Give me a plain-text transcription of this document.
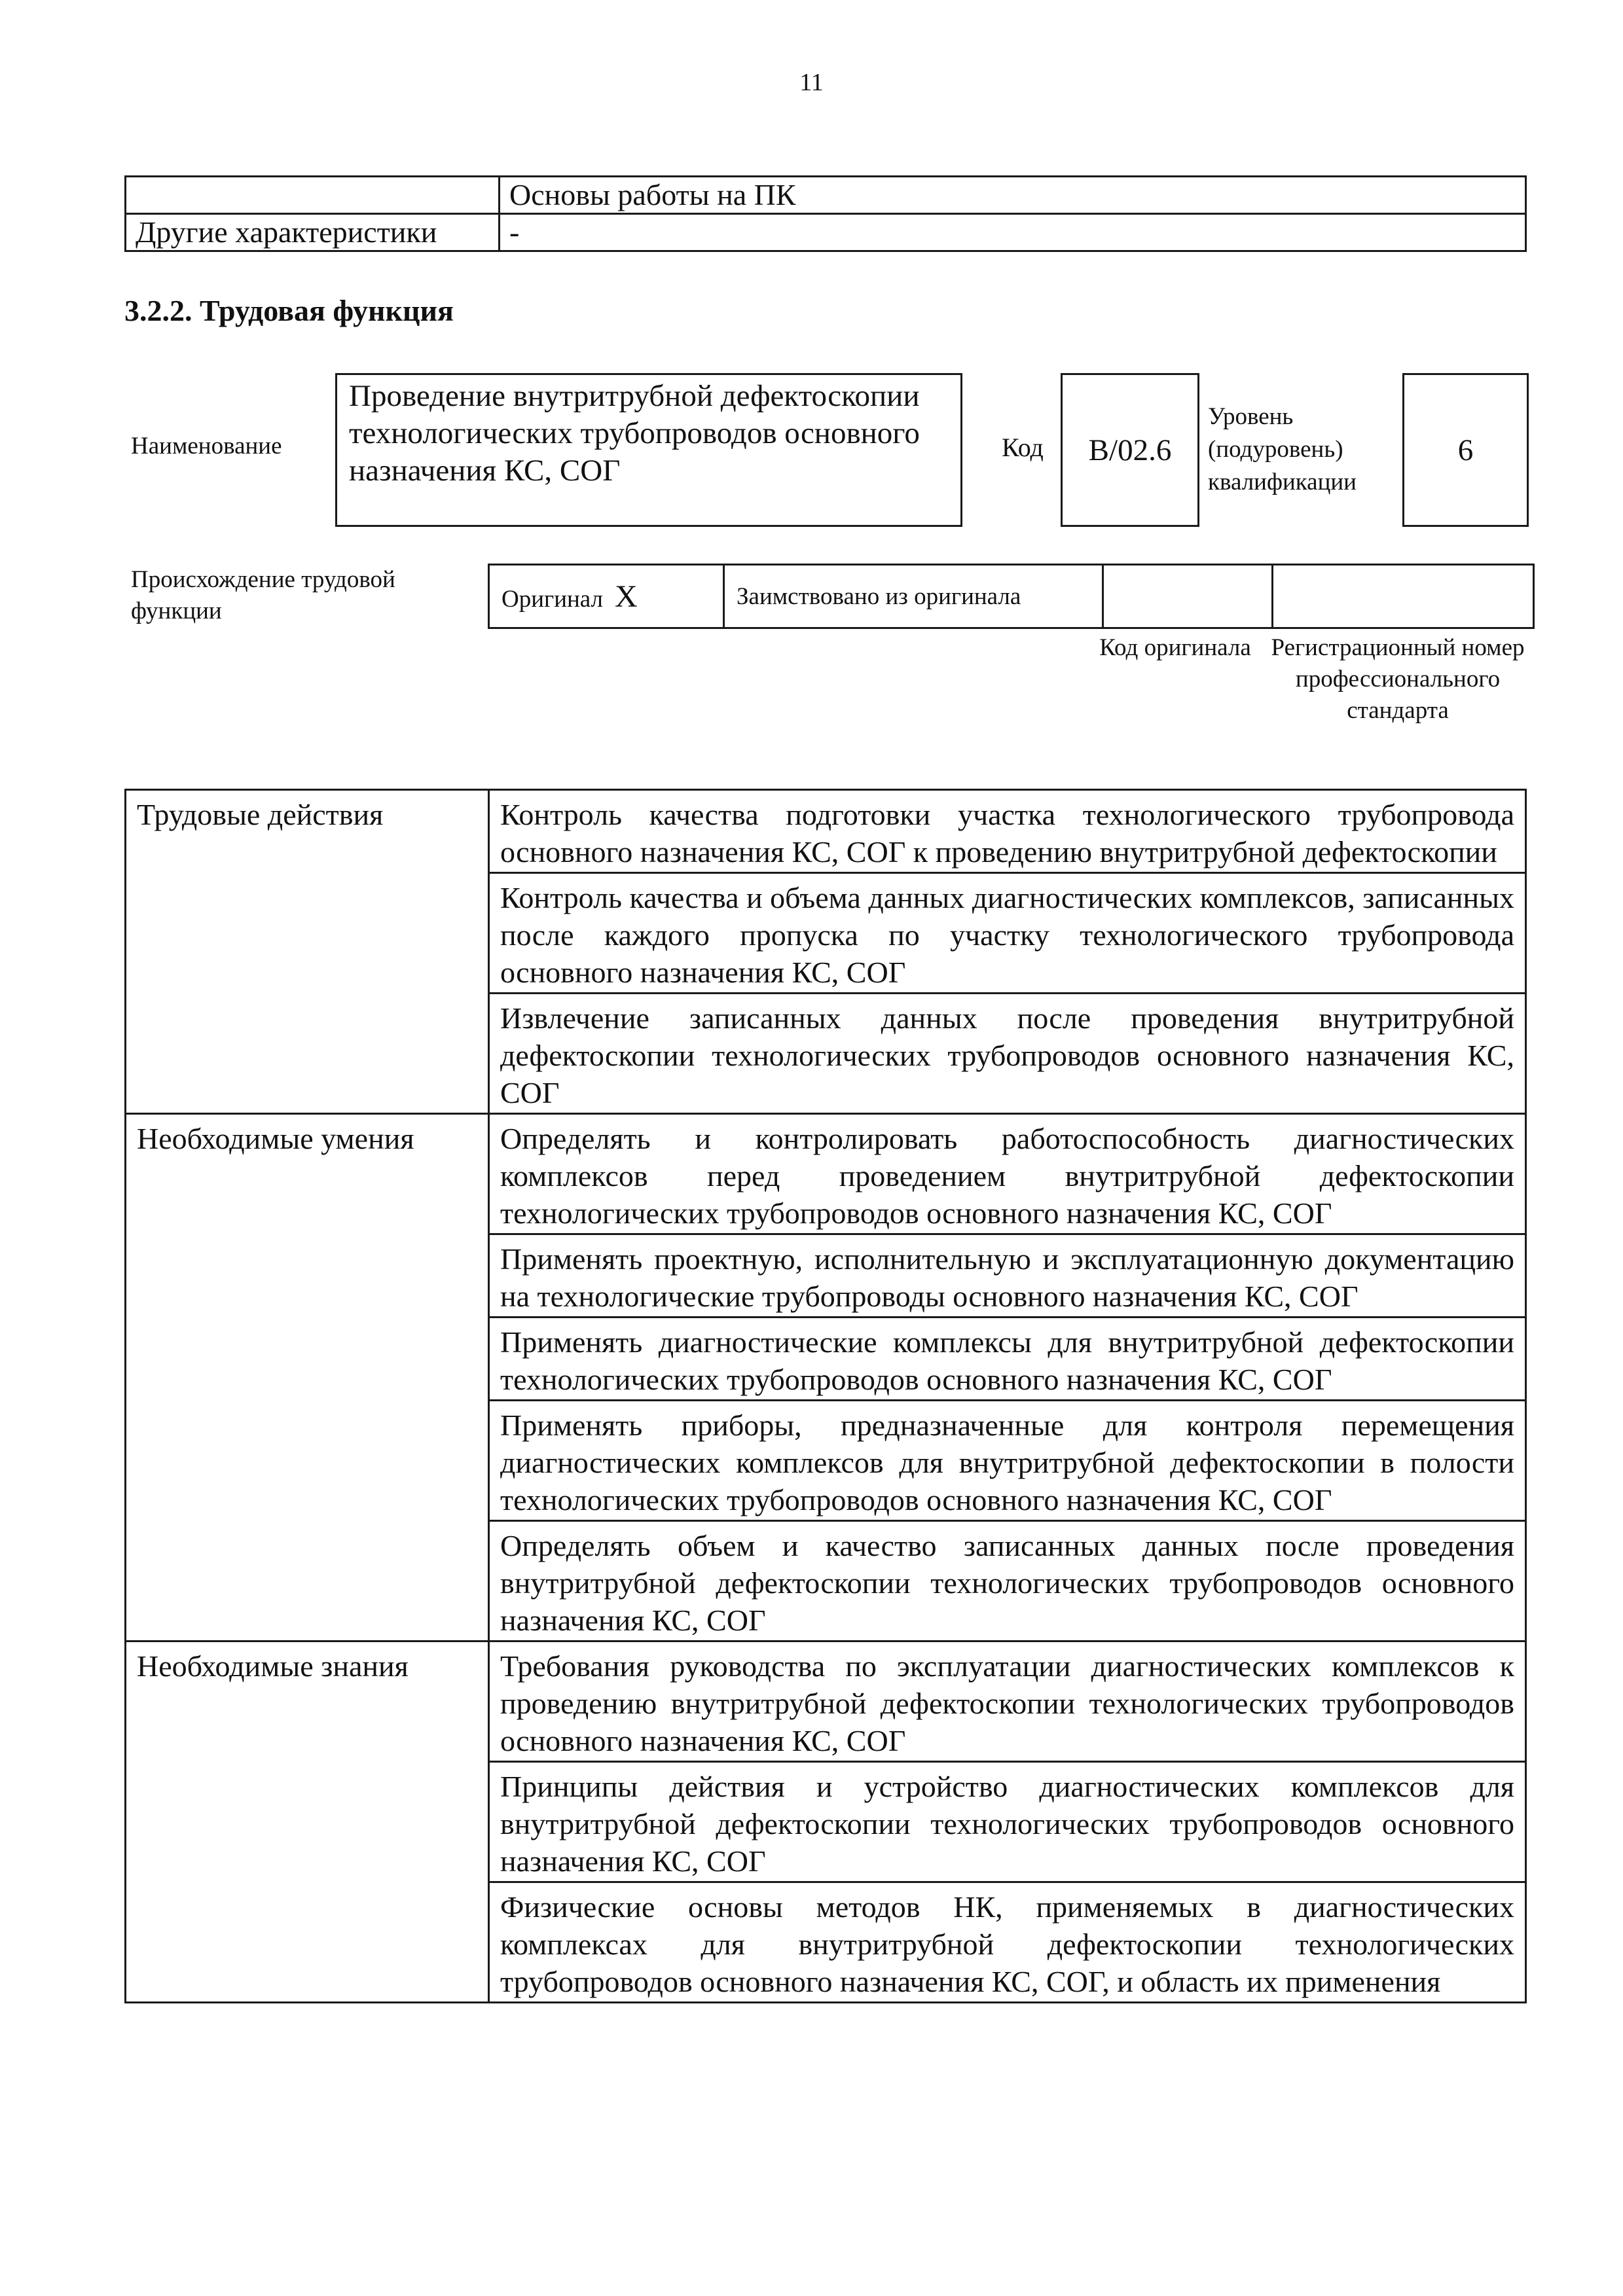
11
	Основы работы на ПК
Другие характеристики	-
3.2.2. Трудовая функция
Наименование
Проведение внутритрубной дефектоскопии технологических трубопроводов основного назначения КС, СОГ
Код B/02.6
Уровень (подуровень) квалификации
6
Происхождение трудовой функции	Оригинал Х	Заимствовано из оригинала		
Код оригинала Регистрационный номер профессионального стандарта
Трудовые действия	Контроль качества подготовки участка технологического трубопровода основного назначения КС, СОГ к проведению внутритрубной дефектоскопии
	Контроль качества и объема данных диагностических комплексов, записанных после каждого пропуска по участку технологического трубопровода основного назначения КС, СОГ
	Извлечение записанных данных после проведения внутритрубной дефектоскопии технологических трубопроводов основного назначения КС, СОГ
Необходимые умения	Определять и контролировать работоспособность диагностических комплексов перед проведением внутритрубной дефектоскопии технологических трубопроводов основного назначения КС, СОГ
	Применять проектную, исполнительную и эксплуатационную документацию на технологические трубопроводы основного назначения КС, СОГ
	Применять диагностические комплексы для внутритрубной дефектоскопии технологических трубопроводов основного назначения КС, СОГ
	Применять приборы, предназначенные для контроля перемещения диагностических комплексов для внутритрубной дефектоскопии в полости технологических трубопроводов основного назначения КС, СОГ
	Определять объем и качество записанных данных после проведения внутритрубной дефектоскопии технологических трубопроводов основного назначения КС, СОГ
Необходимые знания	Требования руководства по эксплуатации диагностических комплексов к проведению внутритрубной дефектоскопии технологических трубопроводов основного назначения КС, СОГ
	Принципы действия и устройство диагностических комплексов для внутритрубной дефектоскопии технологических трубопроводов основного назначения КС, СОГ
	Физические основы методов НК, применяемых в диагностических комплексах для внутритрубной дефектоскопии технологических трубопроводов основного назначения КС, СОГ, и область их применения
